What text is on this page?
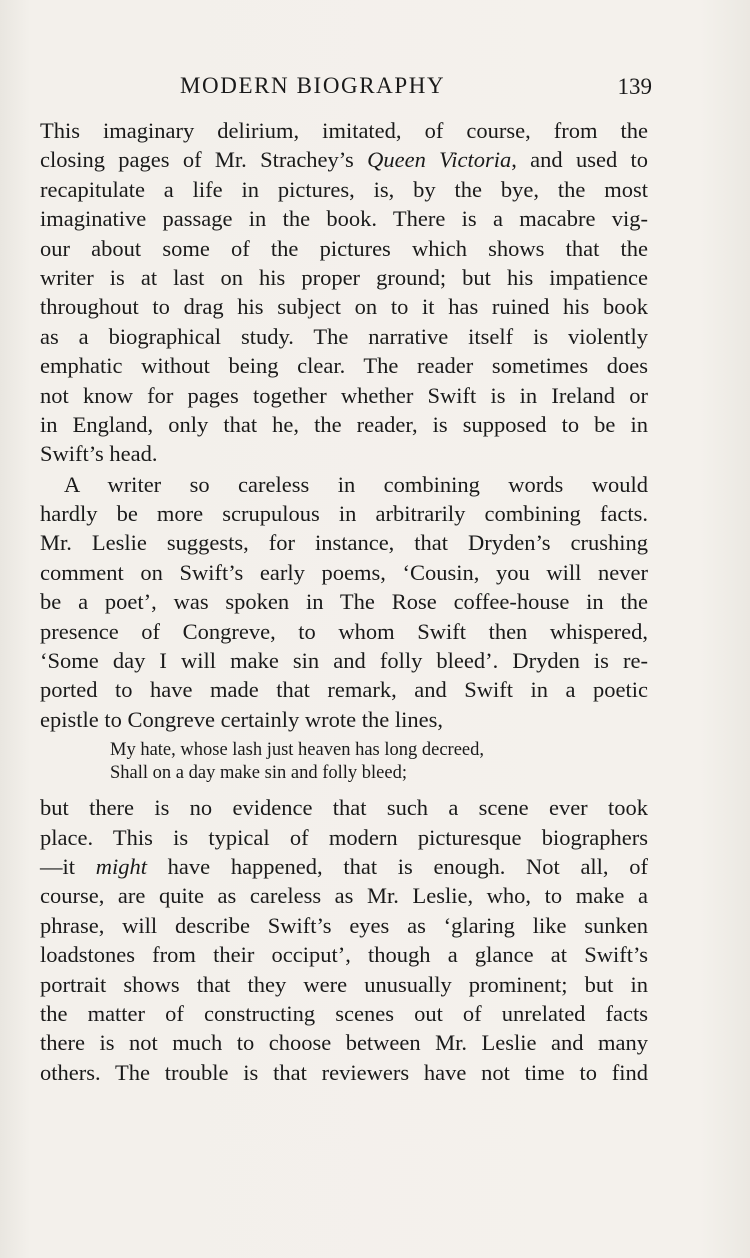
MODERN BIOGRAPHY	139
This imaginary delirium, imitated, of course, from the
closing pages of Mr. Strachey’s Queen Victoria, and used to
recapitulate a life in pictures, is, by the bye, the most
imaginative passage in the book. There is a macabre vig-
our about some of the pictures which shows that the
writer is at last on his proper ground; but his impatience
throughout to drag his subject on to it has ruined his book
as a biographical study. The narrative itself is violently
emphatic without being clear. The reader sometimes does
not know for pages together whether Swift is in Ireland or
in England, only that he, the reader, is supposed to be in
Swift’s head.
A writer so careless in combining words would
hardly be more scrupulous in arbitrarily combining facts.
Mr. Leslie suggests, for instance, that Dryden’s crushing
comment on Swift’s early poems, ‘Cousin, you will never
be a poet’, was spoken in The Rose coffee-house in the
presence of Congreve, to whom Swift then whispered,
‘Some day I will make sin and folly bleed’. Dryden is re-
ported to have made that remark, and Swift in a poetic
epistle to Congreve certainly wrote the lines,
My hate, whose lash just heaven has long decreed,
Shall on a day make sin and folly bleed;
but there is no evidence that such a scene ever took
place. This is typical of modern picturesque biographers
—it might have happened, that is enough. Not all, of
course, are quite as careless as Mr. Leslie, who, to make a
phrase, will describe Swift’s eyes as ‘glaring like sunken
loadstones from their occiput’, though a glance at Swift’s
portrait shows that they were unusually prominent; but in
the matter of constructing scenes out of unrelated facts
there is not much to choose between Mr. Leslie and many
others. The trouble is that reviewers have not time to find
